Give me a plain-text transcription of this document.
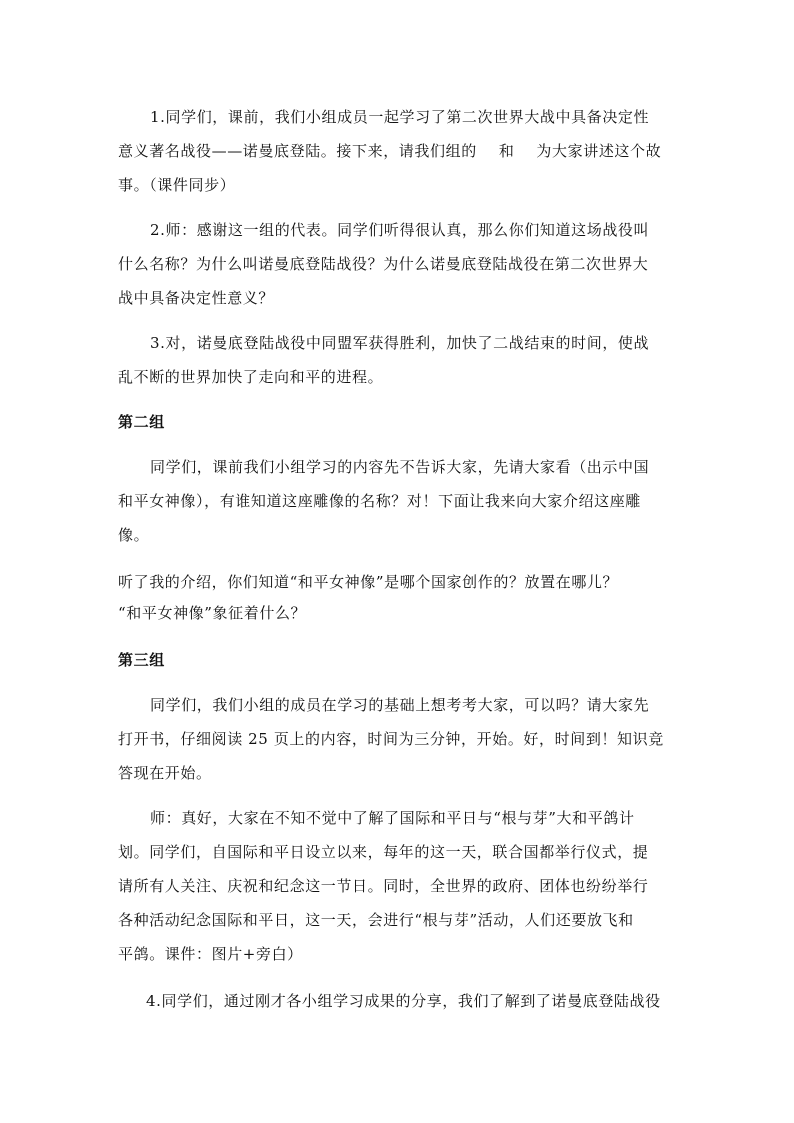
1.同学们，课前，我们小组成员一起学习了第二次世界大战中具备决定性
意义著名战役——诺曼底登陆。接下来，请我们组的 和 为大家讲述这个故
事。（课件同步）
2.师：感谢这一组的代表。同学们听得很认真，那么你们知道这场战役叫
什么名称？为什么叫诺曼底登陆战役？为什么诺曼底登陆战役在第二次世界大
战中具备决定性意义？
3.对，诺曼底登陆战役中同盟军获得胜利，加快了二战结束的时间，使战
乱不断的世界加快了走向和平的进程。
第二组
同学们，课前我们小组学习的内容先不告诉大家，先请大家看（出示中国
和平女神像），有谁知道这座雕像的名称？对！下面让我来向大家介绍这座雕
像。
听了我的介绍，你们知道“和平女神像”是哪个国家创作的？放置在哪儿？
“和平女神像”象征着什么？
第三组
同学们，我们小组的成员在学习的基础上想考考大家，可以吗？请大家先
打开书，仔细阅读 25 页上的内容，时间为三分钟，开始。好，时间到！知识竞
答现在开始。
师：真好，大家在不知不觉中了解了国际和平日与“根与芽”大和平鸽计
划。同学们，自国际和平日设立以来，每年的这一天，联合国都举行仪式，提
请所有人关注、庆祝和纪念这一节日。同时，全世界的政府、团体也纷纷举行
各种活动纪念国际和平日，这一天，会进行“根与芽”活动，人们还要放飞和
平鸽。课件：图片+旁白）
4.同学们，通过刚才各小组学习成果的分享，我们了解到了诺曼底登陆战役
